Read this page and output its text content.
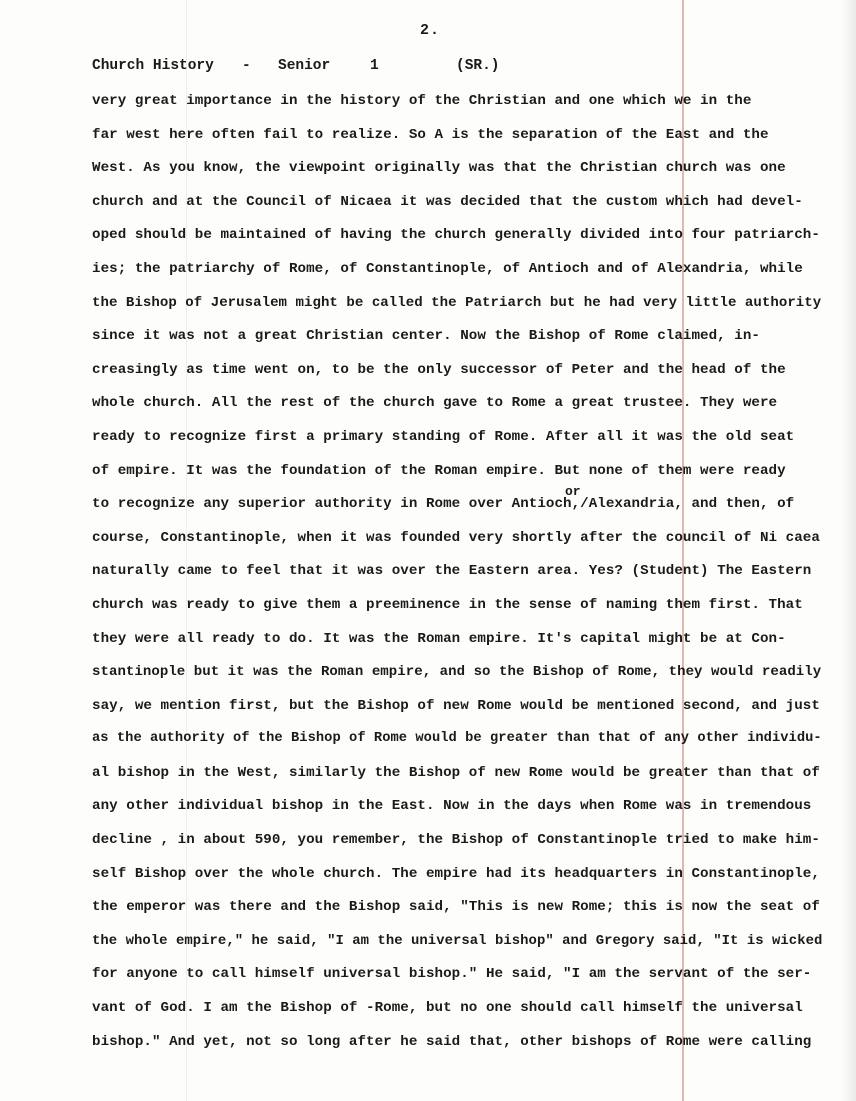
2.

Church History

-

Senior

	1

	(SR.)

or
very great importance in the history of the Christian and one which we in the
far west here often fail to realize. So A is the separation of the East and the
West. As you know, the viewpoint originally was that the Christian church was one
church and at the Council of Nicaea it was decided that the custom which had devel-
oped should be maintained of having the church generally divided into four patriarch-
ies; the patriarchy of Rome, of Constantinople, of Antioch and of Alexandria, while
the Bishop of Jerusalem might be called the Patriarch but he had very little authority
since it was not a great Christian center. Now the Bishop of Rome claimed, in-
creasingly as time went on, to be the only successor of Peter and the head of the
whole church. All the rest of the church gave to Rome a great trustee. They were
ready to recognize first a primary standing of Rome. After all it was the old seat
of empire. It was the foundation of the Roman empire. But none of them were ready
to recognize any superior authority in Rome over Antioch,/Alexandria, and then, of
course, Constantinople, when it was founded very shortly after the council of Ni caea
naturally came to feel that it was over the Eastern area. Yes? (Student) The Eastern
church was ready to give them a preeminence in the sense of naming them first. That
they were all ready to do. It was the Roman empire. It's capital might be at Con-
stantinople but it was the Roman empire, and so the Bishop of Rome, they would readily
say, we mention first, but the Bishop of new Rome would be mentioned second, and just
as the authority of the Bishop of Rome would be greater than that of any other individu-
al bishop in the West, similarly the Bishop of new Rome would be greater than that of
any other individual bishop in the East. Now in the days when Rome was in tremendous
decline , in about 590, you remember, the Bishop of Constantinople tried to make him-
self Bishop over the whole church. The empire had its headquarters in Constantinople,
the emperor was there and the Bishop said, "This is new Rome; this is now the seat of
the whole empire," he said, "I am the universal bishop" and Gregory said, "It is wicked
for anyone to call himself universal bishop." He said, "I am the servant of the ser-
vant of God. I am the Bishop of -Rome, but no one should call himself the universal
bishop." And yet, not so long after he said that, other bishops of Rome were calling
